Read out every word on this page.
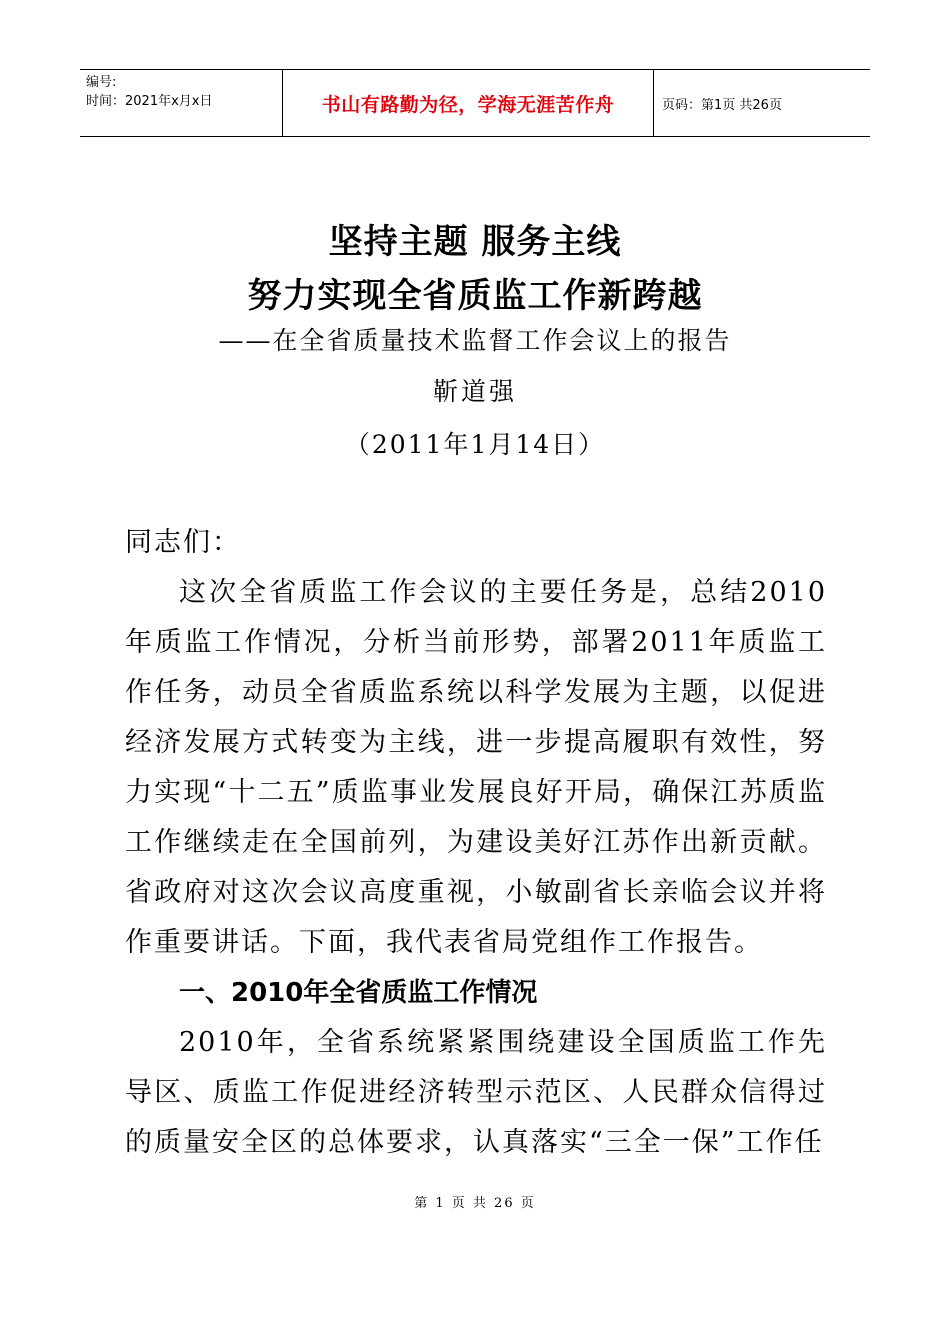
编号:
时间：2021年x月x日	书山有路勤为径，学海无涯苦作舟	页码：第1页 共26页
坚持主题 服务主线
努力实现全省质监工作新跨越
——在全省质量技术监督工作会议上的报告
靳道强
（2011年1月14日）

同志们：

这次全省质监工作会议的主要任务是，总结2010年质监工作情况，分析当前形势，部署2011年质监工作任务，动员全省质监系统以科学发展为主题，以促进经济发展方式转变为主线，进一步提高履职有效性，努力实现“十二五”质监事业发展良好开局，确保江苏质监工作继续走在全国前列，为建设美好江苏作出新贡献。省政府对这次会议高度重视，小敏副省长亲临会议并将作重要讲话。下面，我代表省局党组作工作报告。

一、2010年全省质监工作情况

2010年，全省系统紧紧围绕建设全国质监工作先导区、质监工作促进经济转型示范区、人民群众信得过的质量安全区的总体要求，认真落实“三全一保”工作任

第 1 页 共 26 页
